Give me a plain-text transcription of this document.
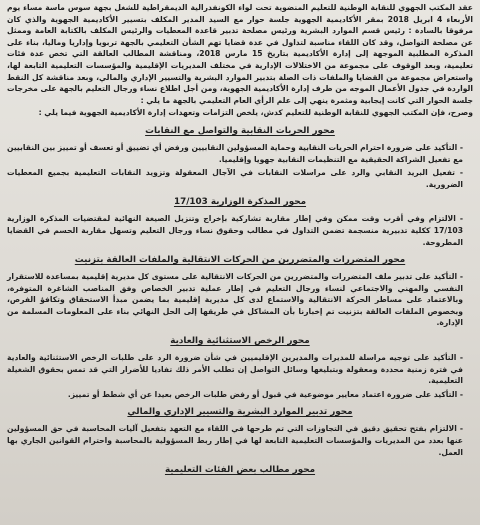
عقد المكتب الجهوي للنقابة الوطنية للتعليم المنضوية تحت لواء الكونفدرالية الديمقراطية للشغل بجهة سوس ماسة مساء يوم الأربعاء 4 ابريل 2018 بمقر الأكاديمية الجهوية جلسة حوار مع السيد المدير المكلف بتسيير الأكاديمية الجهوية والذي كان مرفوقا بالسادة : رئيس قسم الموارد البشرية ورئيس مصلحة تدبير قاعدة المعطيات والرئيس المكلف بالكتابة العامة وممثل عن مصلحة التواصل، وقد كان اللقاء مناسبة لتداول في عدة قضايا تهم الشأن التعليمي بالجهة تربويا وإداريا وماليا، بناء على المذكرة المطلبية الموجهة إلى إدارة الأكاديمية بتاريخ 15 مارس 2018، ومناقشة المطالب العالقة التي تخص عدة فئات تعليمية، وبعد الوقوف على مجموعة من الاختلالات الإدارية في مختلف المديريات الإقليمية والمؤسسات التعليمية التابعة لها، واستعراض مجموعة من القضايا والملفات ذات الصلة بتدبير الموارد البشرية والتسيير الإداري والمالي، وبعد مناقشة كل النقط الواردة في جدول الأعمال الموجه من طرف إدارة الأكاديمية الجهوية، ومن أجل اطلاع نساء ورجال التعليم بالجهة على مخرجات جلسة الحوار التي كانت إيجابية ومثمرة ينهي إلى علم الرأي العام التعليمي بالجهة ما يلي :

وصرح، فإن المكتب الجهوي للنقابة الوطنية للتعليم كدش، يلخص التزامات وتعهدات إدارة الأكاديمية الجهوية فيما يلي :

محور الحريات النقابية والتواصل مع النقابات

- التأكيد على ضرورة احترام الحريات النقابية وحماية المسؤولين النقابيين ورفض أي تضييق أو تعسف أو تمييز بين النقابيين مع تفعيل الشراكة الحقيقية مع التنظيمات النقابية جهويا وإقليميا.

- تفعيل البريد النقابي والرد على مراسلات النقابات في الآجال المعقولة وتزويد النقابات التعليمية بجميع المعطيات الضرورية.

محور المذكرة الوزارية 17/103

- الالتزام وفي أقرب وقت ممكن وفي إطار مقاربة تشاركية بإخراج وتنزيل الصيغة النهائية لمقتضيات المذكرة الوزارية 17/103 ككلية تدبيرية منسجمة تضمن التداول في مطالب وحقوق نساء ورجال التعليم وتسهل مقاربة الحسم في القضايا المطروحة.

محور المتضررات والمتضررين من الحركات الانتقالية والملفات العالقة بتزنيت

- التأكيد على تدبير ملف المتضررات والمتضررين من الحركات الانتقالية على مستوى كل مديرية إقليمية بمساعدة للاستقرار النفسي والمهني والاجتماعي لنساء ورجال التعليم في إطار عملية تدبير الخصاص وفق المناصب الشاغرة المتوفرة، وبالاعتماد على مساطر الحركة الانتقالية والاستماع لدى كل مديرية إقليمية بما يضمن مبدأ الاستحقاق وتكافؤ الفرص، وبخصوص الملفات العالقة بتزنيت تم إخبارنا بأن المشاكل في طريقها إلى الحل النهائي بناء على المعلومات المسلمة من الإدارة.

محور الرخص الاستثنائية والعادية

- التأكيد على توجيه مراسلة للمديرات والمديرين الإقليميين في شأن ضرورة الرد على طلبات الرخص الاستثنائية والعادية في فترة زمنية محددة ومعقولة وبتبليغها وسائل التواصل إن تطلب الأمر ذلك تفاديا للأضرار التي قد تمس بحقوق الشغيلة التعليمية.

- التأكيد على ضرورة اعتماد معايير موضوعية في قبول أو رفض طلبات الرخص بعيدا عن أي شطط أو تمييز.

محور تدبير الموارد البشرية والتسيير الإداري والمالي

- الالتزام بفتح تحقيق دقيق في التجاوزات التي تم طرحها في اللقاء مع التعهد بتفعيل آليات المحاسبة في حق المسؤولين عنها بعدد من المديريات والمؤسسات التعليمية التابعة لها في إطار ربط المسؤولية بالمحاسبة واحترام القوانين الجاري بها العمل.

محور مطالب بعض الفئات التعليمية
